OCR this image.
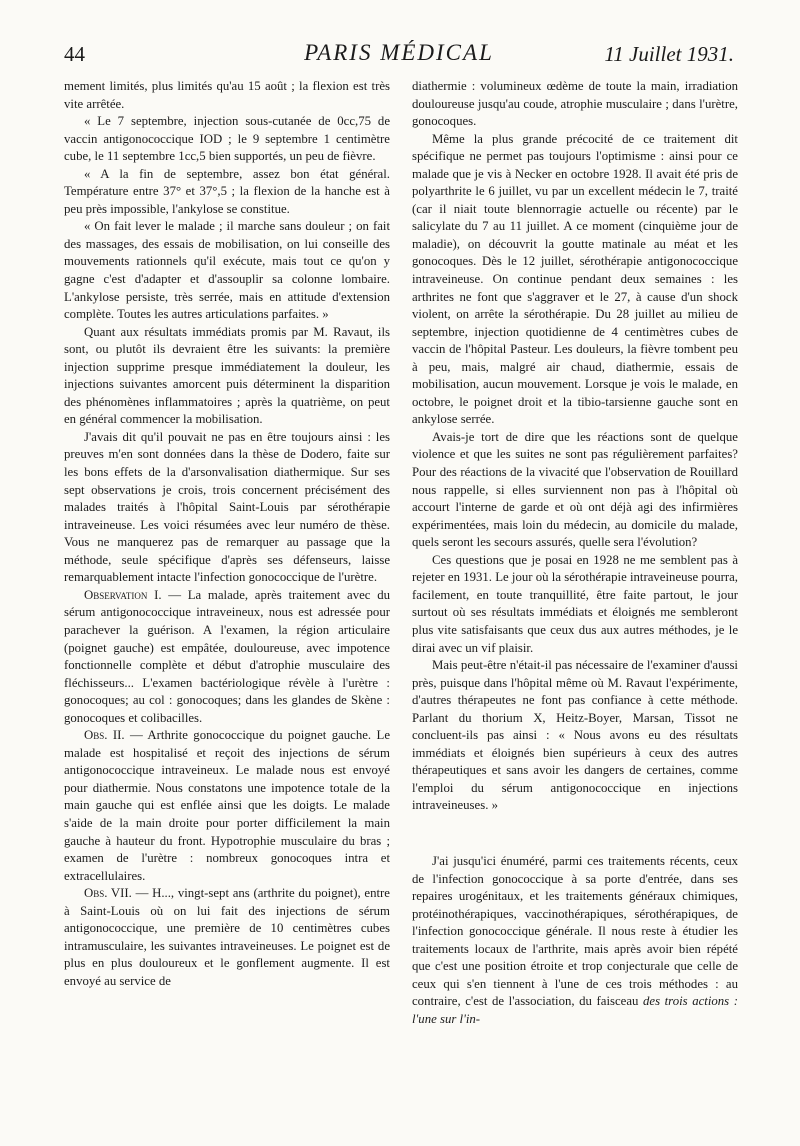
44	PARIS MÉDICAL	11 Juillet 1931.

mement limités, plus limités qu'au 15 août ; la flexion est très vite arrêtée.

« Le 7 septembre, injection sous-cutanée de 0cc,75 de vaccin antigonococcique IOD ; le 9 septembre 1 centimètre cube, le 11 septembre 1cc,5 bien supportés, un peu de fièvre.

« A la fin de septembre, assez bon état général. Température entre 37° et 37°,5 ; la flexion de la hanche est à peu près impossible, l'ankylose se constitue.

« On fait lever le malade ; il marche sans douleur ; on fait des massages, des essais de mobilisation, on lui conseille des mouvements rationnels qu'il exécute, mais tout ce qu'on y gagne c'est d'adapter et d'assouplir sa colonne lombaire. L'ankylose persiste, très serrée, mais en attitude d'extension complète. Toutes les autres articulations parfaites. »

Quant aux résultats immédiats promis par M. Ravaut, ils sont, ou plutôt ils devraient être les suivants: la première injection supprime presque immédiatement la douleur, les injections suivantes amorcent puis déterminent la disparition des phénomènes inflammatoires ; après la quatrième, on peut en général commencer la mobilisation.

J'avais dit qu'il pouvait ne pas en être toujours ainsi : les preuves m'en sont données dans la thèse de Dodero, faite sur les bons effets de la d'arsonvalisation diathermique. Sur ses sept observations je crois, trois concernent précisément des malades traités à l'hôpital Saint-Louis par sérothérapie intraveineuse. Les voici résumées avec leur numéro de thèse. Vous ne manquerez pas de remarquer au passage que la méthode, seule spécifique d'après ses défenseurs, laisse remarquablement intacte l'infection gonococcique de l'urètre.

Observation I. — La malade, après traitement avec du sérum antigonococcique intraveineux, nous est adressée pour parachever la guérison. A l'examen, la région articulaire (poignet gauche) est empâtée, douloureuse, avec impotence fonctionnelle complète et début d'atrophie musculaire des fléchisseurs... L'examen bactériologique révèle à l'urètre : gonocoques; au col : gonocoques; dans les glandes de Skène : gonocoques et colibacilles.

Obs. II. — Arthrite gonococcique du poignet gauche. Le malade est hospitalisé et reçoit des injections de sérum antigonococcique intraveineux. Le malade nous est envoyé pour diathermie. Nous constatons une impotence totale de la main gauche qui est enflée ainsi que les doigts. Le malade s'aide de la main droite pour porter difficilement la main gauche à hauteur du front. Hypotrophie musculaire du bras ; examen de l'urètre : nombreux gonocoques intra et extracellulaires.

Obs. VII. — H..., vingt-sept ans (arthrite du poignet), entre à Saint-Louis où on lui fait des injections de sérum antigonococcique, une première de 10 centimètres cubes intramusculaire, les suivantes intraveineuses. Le poignet est de plus en plus douloureux et le gonflement augmente. Il est envoyé au service de

diathermie : volumineux œdème de toute la main, irradiation douloureuse jusqu'au coude, atrophie musculaire ; dans l'urètre, gonocoques.

Même la plus grande précocité de ce traitement dit spécifique ne permet pas toujours l'optimisme : ainsi pour ce malade que je vis à Necker en octobre 1928. Il avait été pris de polyarthrite le 6 juillet, vu par un excellent médecin le 7, traité (car il niait toute blennorragie actuelle ou récente) par le salicylate du 7 au 11 juillet. A ce moment (cinquième jour de maladie), on découvrit la goutte matinale au méat et les gonocoques. Dès le 12 juillet, sérothérapie antigonococcique intraveineuse. On continue pendant deux semaines : les arthrites ne font que s'aggraver et le 27, à cause d'un shock violent, on arrête la sérothérapie. Du 28 juillet au milieu de septembre, injection quotidienne de 4 centimètres cubes de vaccin de l'hôpital Pasteur. Les douleurs, la fièvre tombent peu à peu, mais, malgré air chaud, diathermie, essais de mobilisation, aucun mouvement. Lorsque je vois le malade, en octobre, le poignet droit et la tibio-tarsienne gauche sont en ankylose serrée.

Avais-je tort de dire que les réactions sont de quelque violence et que les suites ne sont pas régulièrement parfaites? Pour des réactions de la vivacité que l'observation de Rouillard nous rappelle, si elles surviennent non pas à l'hôpital où accourt l'interne de garde et où ont déjà agi des infirmières expérimentées, mais loin du médecin, au domicile du malade, quels seront les secours assurés, quelle sera l'évolution?

Ces questions que je posai en 1928 ne me semblent pas à rejeter en 1931. Le jour où la sérothérapie intraveineuse pourra, facilement, en toute tranquillité, être faite partout, le jour surtout où ses résultats immédiats et éloignés me sembleront plus vite satisfaisants que ceux dus aux autres méthodes, je le dirai avec un vif plaisir.

Mais peut-être n'était-il pas nécessaire de l'examiner d'aussi près, puisque dans l'hôpital même où M. Ravaut l'expérimente, d'autres thérapeutes ne font pas confiance à cette méthode. Parlant du thorium X, Heitz-Boyer, Marsan, Tissot ne concluent-ils pas ainsi : « Nous avons eu des résultats immédiats et éloignés bien supérieurs à ceux des autres thérapeutiques et sans avoir les dangers de certaines, comme l'emploi du sérum antigonococcique en injections intraveineuses. »

J'ai jusqu'ici énuméré, parmi ces traitements récents, ceux de l'infection gonococcique à sa porte d'entrée, dans ses repaires urogénitaux, et les traitements généraux chimiques, protéinothérapiques, vaccinothérapiques, sérothérapiques, de l'infection gonococcique générale. Il nous reste à étudier les traitements locaux de l'arthrite, mais après avoir bien répété que c'est une position étroite et trop conjecturale que celle de ceux qui s'en tiennent à l'une de ces trois méthodes : au contraire, c'est de l'association, du faisceau des trois actions : l'une sur l'in-
